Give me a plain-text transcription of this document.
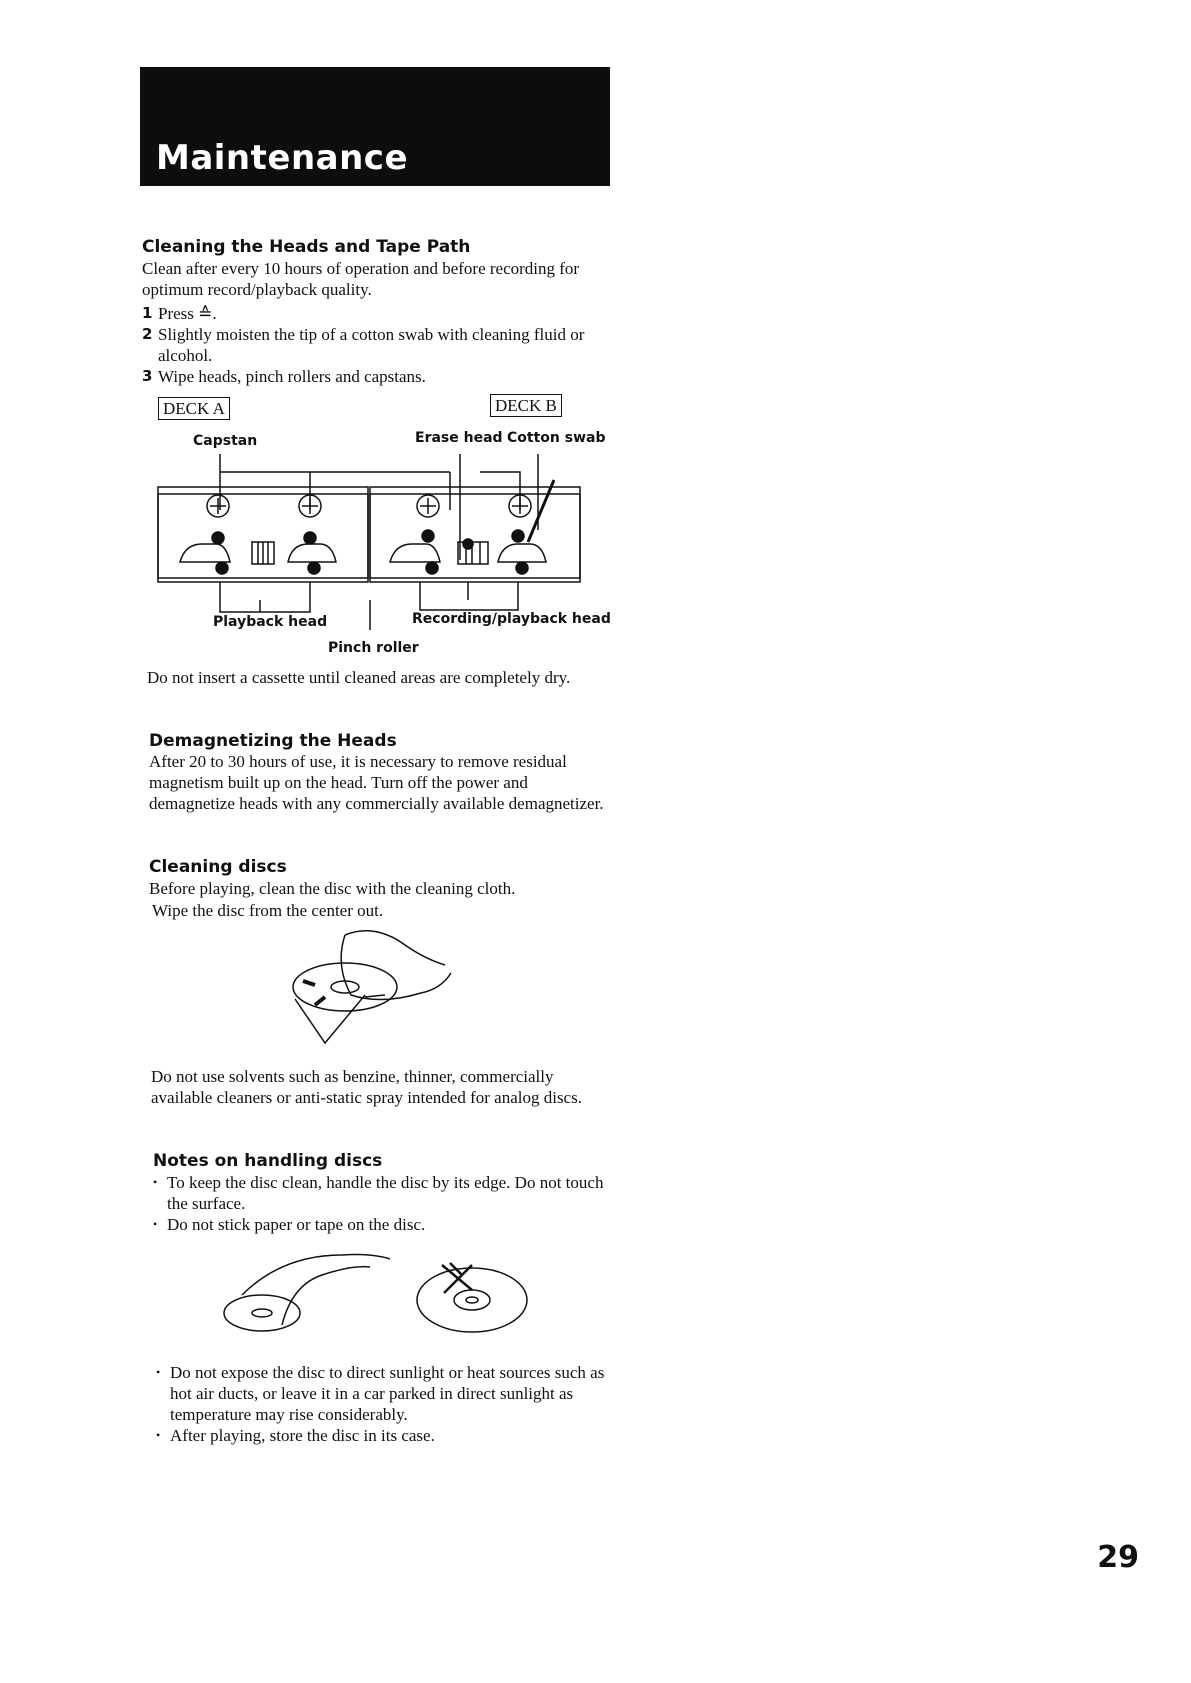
Maintenance
Cleaning the Heads and Tape Path

Clean after every 10 hours of operation and before recording for optimum record/playback quality.

1 Press ≙.
2 Slightly moisten the tip of a cotton swab with cleaning fluid or alcohol.
3 Wipe heads, pinch rollers and capstans.
DECK A	DECK B
Capstan	Erase head Cotton swab
Playback head	Recording/playback head
Pinch roller

Do not insert a cassette until cleaned areas are completely dry.

Demagnetizing the Heads

After 20 to 30 hours of use, it is necessary to remove residual magnetism built up on the head. Turn off the power and demagnetize heads with any commercially available demagnetizer.

Cleaning discs

Before playing, clean the disc with the cleaning cloth.

Wipe the disc from the center out.

Do not use solvents such as benzine, thinner, commercially available cleaners or anti-static spray intended for analog discs.

Notes on handling discs
• To keep the disc clean, handle the disc by its edge. Do not touch the surface.
• Do not stick paper or tape on the disc.
• Do not expose the disc to direct sunlight or heat sources such as hot air ducts, or leave it in a car parked in direct sunlight as temperature may rise considerably.
• After playing, store the disc in its case.
29
